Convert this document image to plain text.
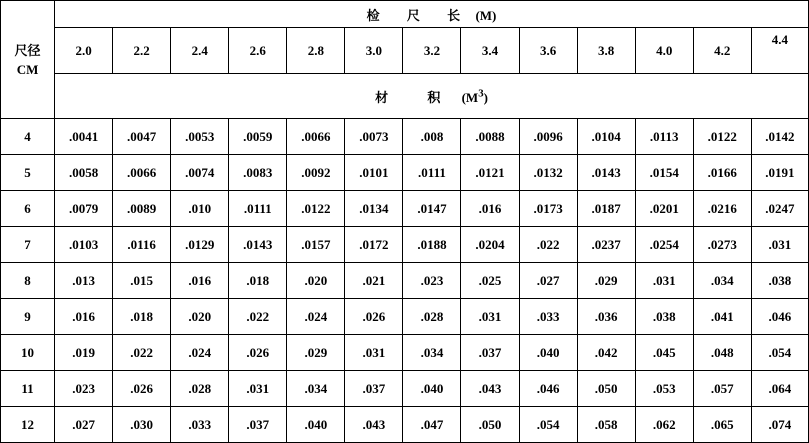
尺径
CM	检 尺 长 (M)												
	2.0	2.2	2.4	2.6	2.8	3.0	3.2	3.4	3.6	3.8	4.0	4.2	4.4
	材 积 $(M^3)$												
4	.0041	.0047	.0053	.0059	.0066	.0073	.008	.0088	.0096	.0104	.0113	.0122	.0142
5	.0058	.0066	.0074	.0083	.0092	.0101	.0111	.0121	.0132	.0143	.0154	.0166	.0191
6	.0079	.0089	.010	.0111	.0122	.0134	.0147	.016	.0173	.0187	.0201	.0216	.0247
7	.0103	.0116	.0129	.0143	.0157	.0172	.0188	.0204	.022	.0237	.0254	.0273	.031
8	.013	.015	.016	.018	.020	.021	.023	.025	.027	.029	.031	.034	.038
9	.016	.018	.020	.022	.024	.026	.028	.031	.033	.036	.038	.041	.046
10	.019	.022	.024	.026	.029	.031	.034	.037	.040	.042	.045	.048	.054
11	.023	.026	.028	.031	.034	.037	.040	.043	.046	.050	.053	.057	.064
12	.027	.030	.033	.037	.040	.043	.047	.050	.054	.058	.062	.065	.074
